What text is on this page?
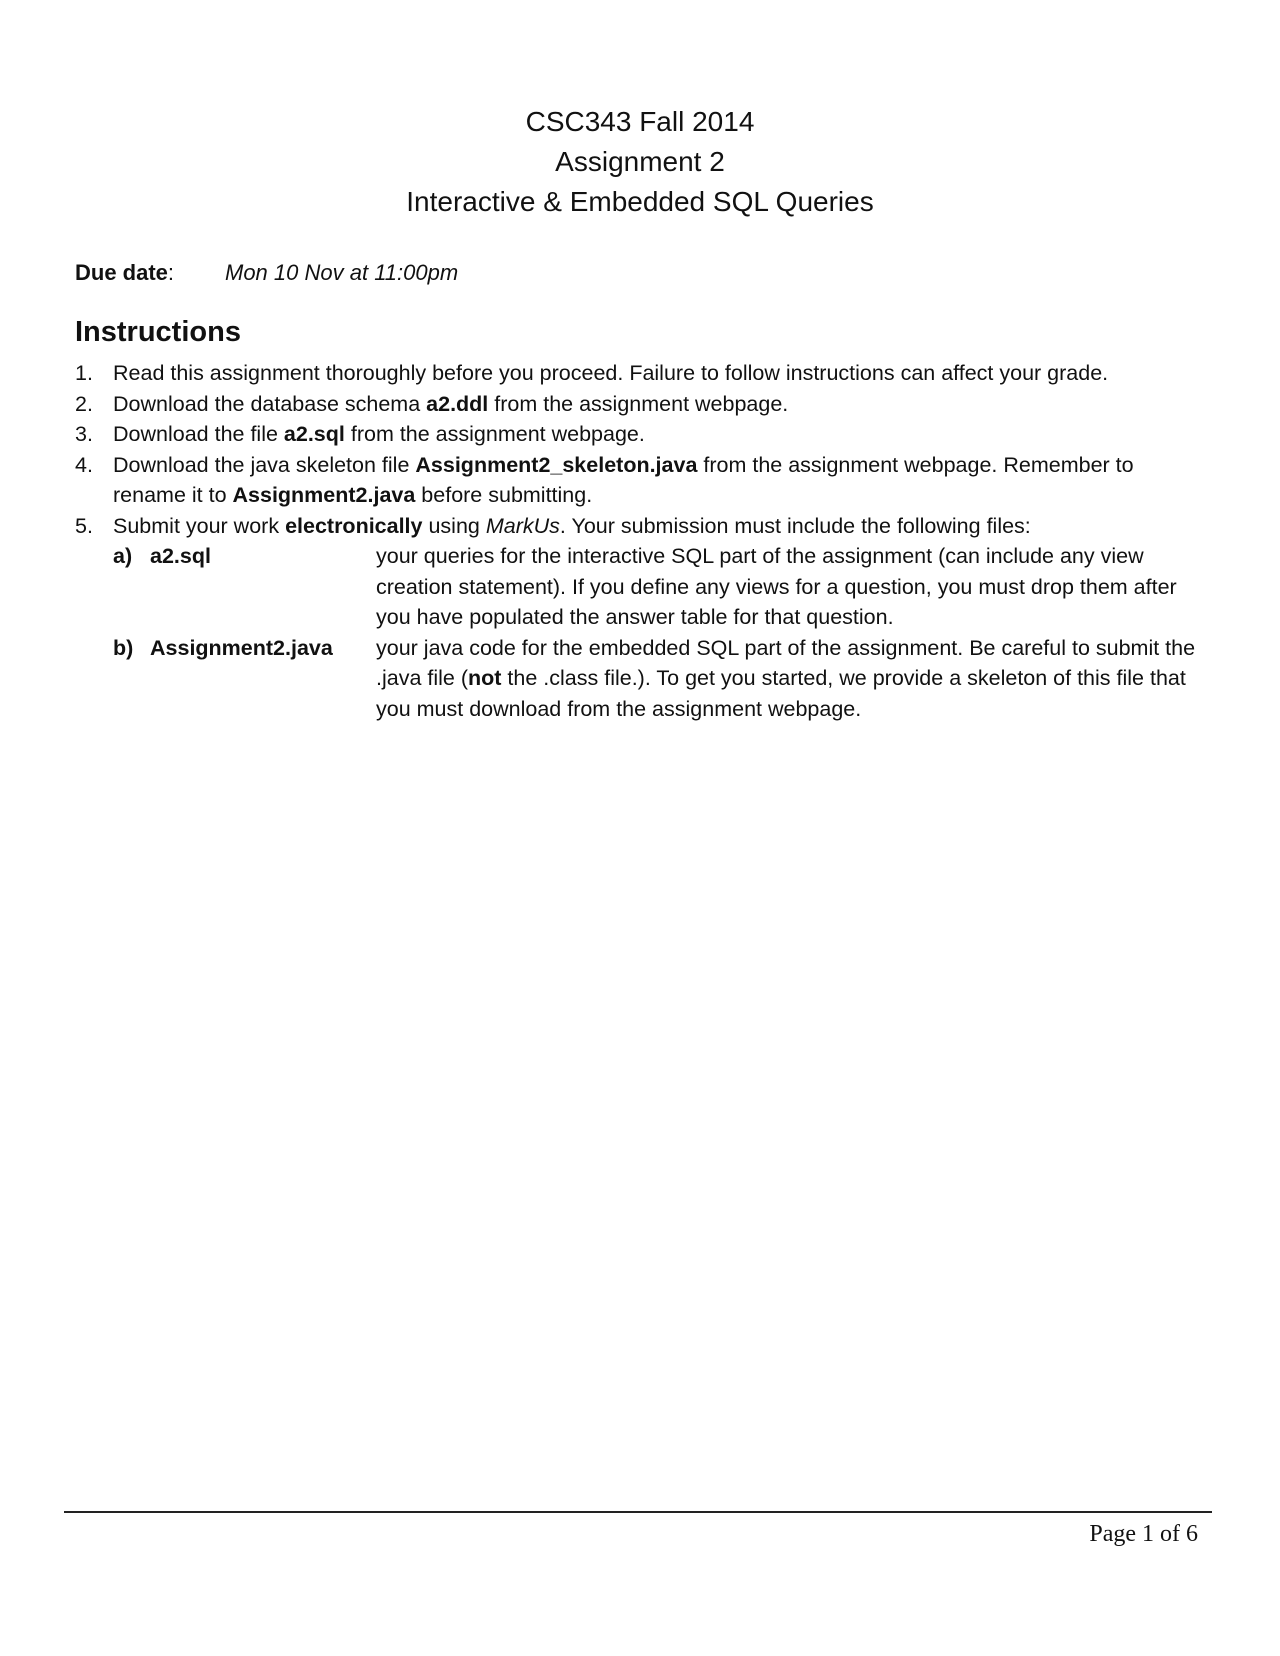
CSC343 Fall 2014
Assignment 2
Interactive & Embedded SQL Queries
Due date: Mon 10 Nov at 11:00pm
Instructions
1. Read this assignment thoroughly before you proceed. Failure to follow instructions can affect your grade.
2. Download the database schema a2.ddl from the assignment webpage.
3. Download the file a2.sql from the assignment webpage.
4. Download the java skeleton file Assignment2_skeleton.java from the assignment webpage. Remember to rename it to Assignment2.java before submitting.
5. Submit your work electronically using MarkUs. Your submission must include the following files:
a) a2.sql	your queries for the interactive SQL part of the assignment (can include any view creation statement). If you define any views for a question, you must drop them after you have populated the answer table for that question.
b) Assignment2.java your java code for the embedded SQL part of the assignment. Be careful to submit the .java file (not the .class file.). To get you started, we provide a skeleton of this file that you must download from the assignment webpage.
Page 1 of 6
